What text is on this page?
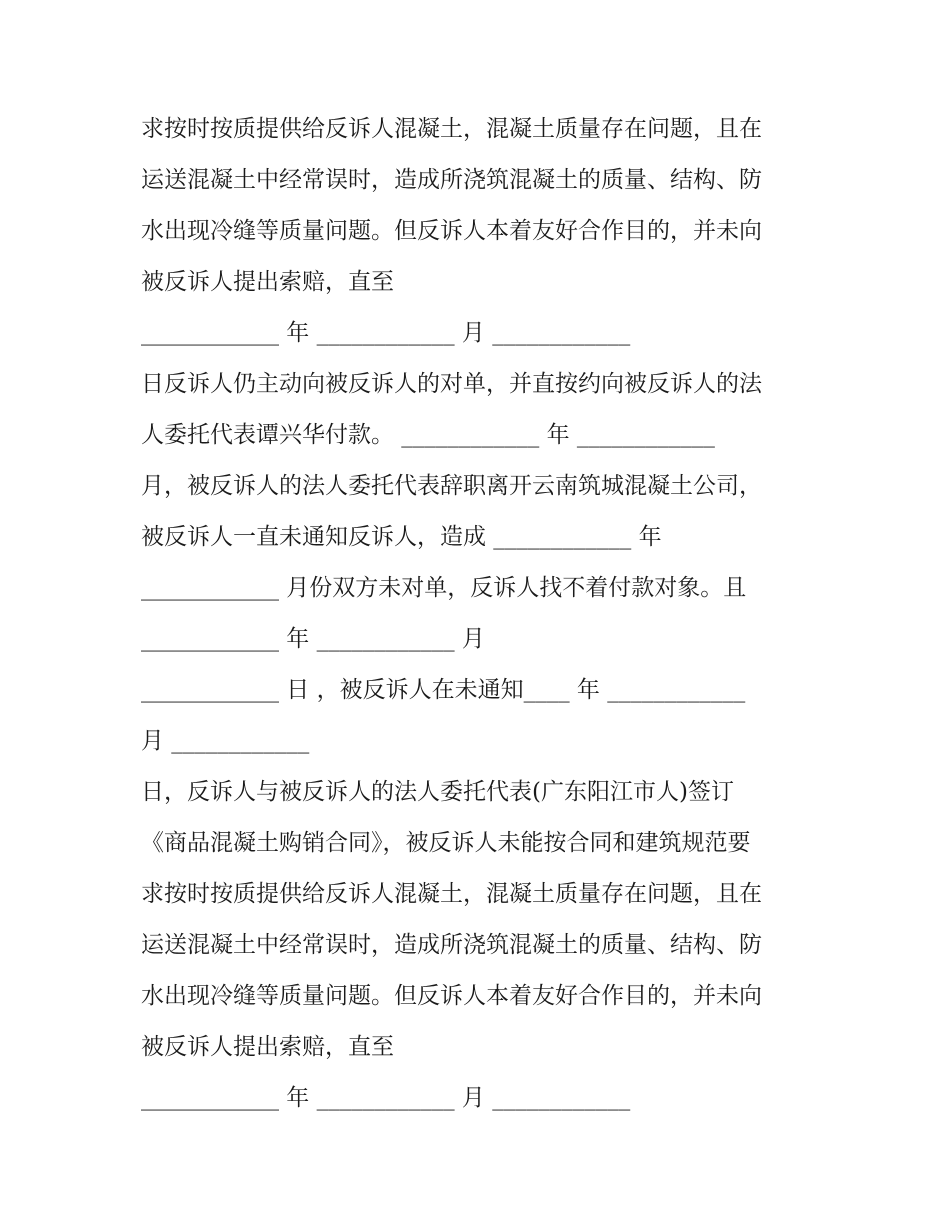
求按时按质提供给反诉人混凝土，混凝土质量存在问题，且在
运送混凝土中经常误时，造成所浇筑混凝土的质量、结构、防
水出现冷缝等质量问题。但反诉人本着友好合作目的，并未向
被反诉人提出索赔，直至
____________ 年 ____________ 月 ____________
日反诉人仍主动向被反诉人的对单，并直按约向被反诉人的法
人委托代表谭兴华付款。 ____________ 年 ____________
月，被反诉人的法人委托代表辞职离开云南筑城混凝土公司，
被反诉人一直未通知反诉人，造成 ____________ 年
____________ 月份双方未对单，反诉人找不着付款对象。且
____________ 年 ____________ 月
____________ 日 ，被反诉人在未通知____ 年 ____________
月 ____________
日，反诉人与被反诉人的法人委托代表(广东阳江市人)签订
《商品混凝土购销合同》，被反诉人未能按合同和建筑规范要
求按时按质提供给反诉人混凝土，混凝土质量存在问题，且在
运送混凝土中经常误时，造成所浇筑混凝土的质量、结构、防
水出现冷缝等质量问题。但反诉人本着友好合作目的，并未向
被反诉人提出索赔，直至
____________ 年 ____________ 月 ____________
